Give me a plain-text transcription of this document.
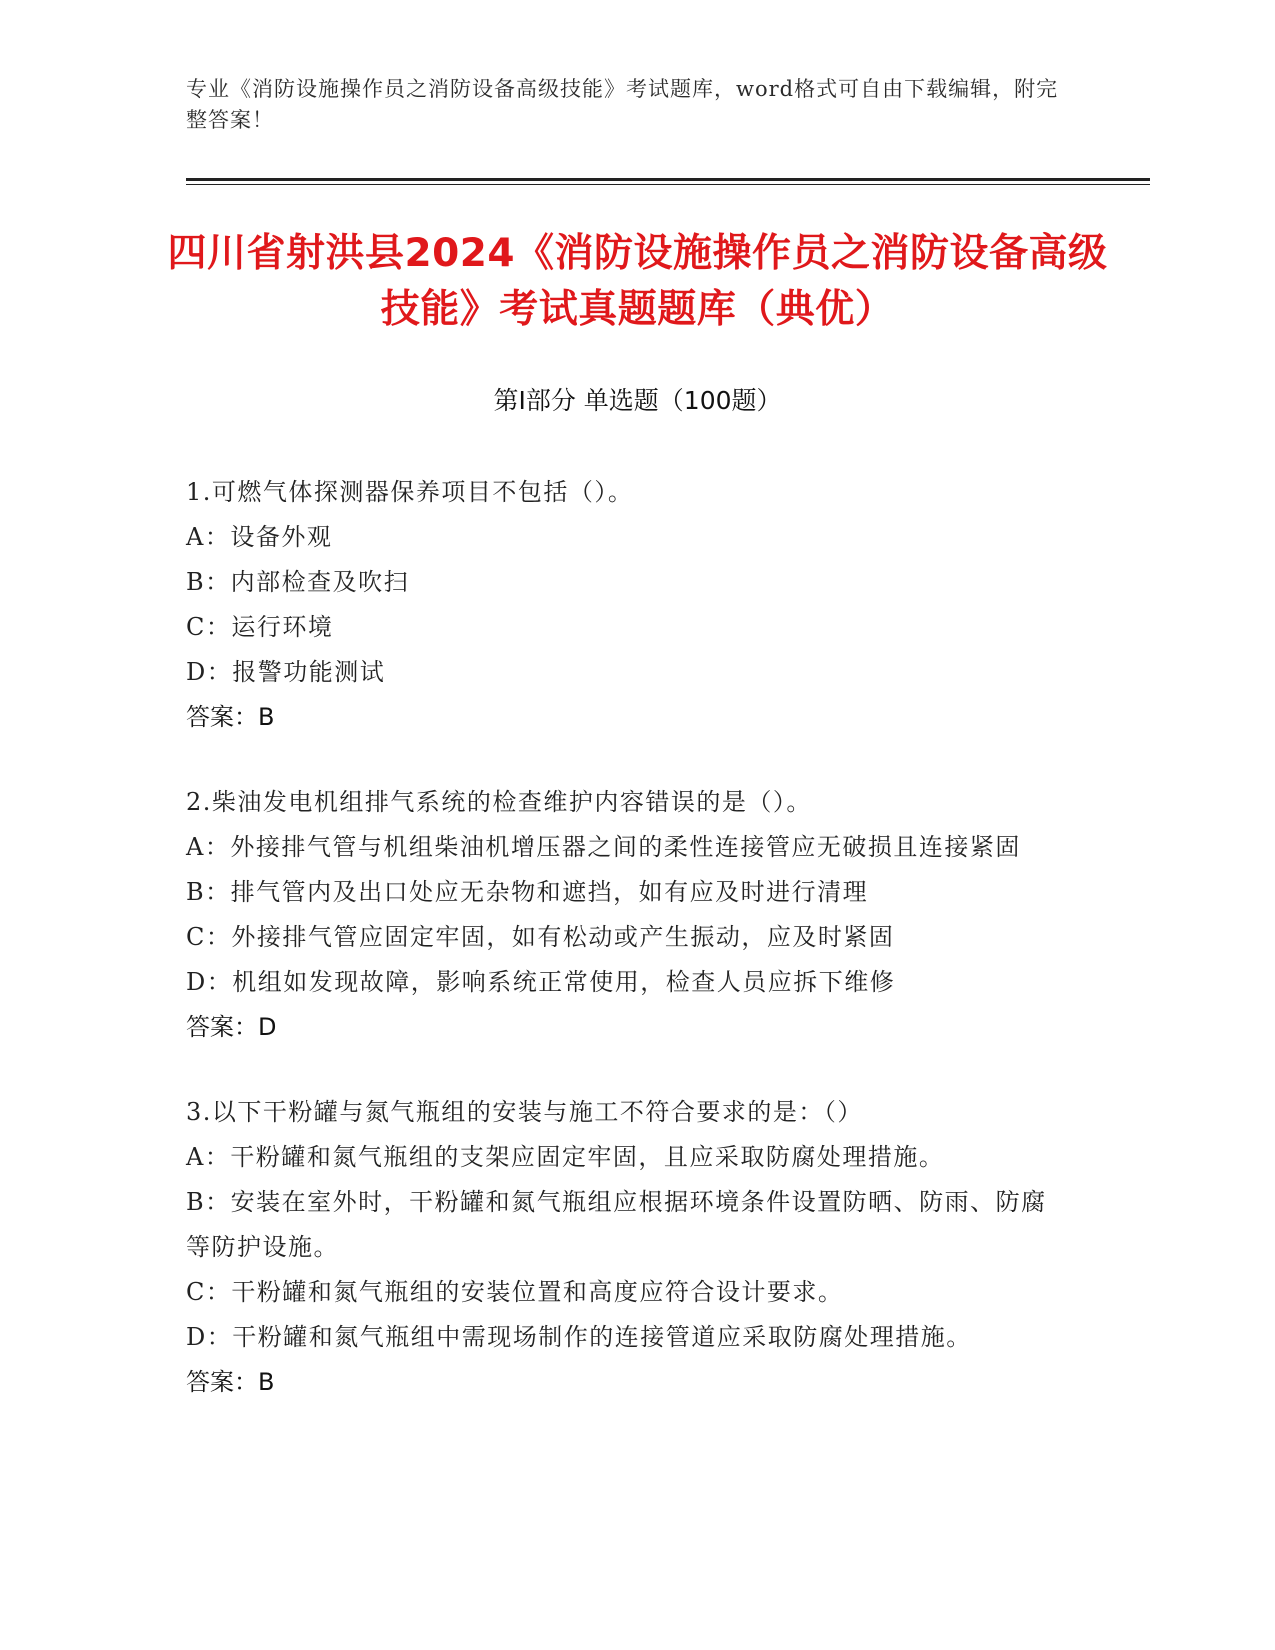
专业《消防设施操作员之消防设备高级技能》考试题库，word格式可自由下载编辑，附完整答案！
四川省射洪县2024《消防设施操作员之消防设备高级技能》考试真题题库（典优）
第Ⅰ部分 单选题（100题）

1.可燃气体探测器保养项目不包括（）。

A：设备外观

B：内部检查及吹扫

C：运行环境

D：报警功能测试

答案：B

2.柴油发电机组排气系统的检查维护内容错误的是（）。

A：外接排气管与机组柴油机增压器之间的柔性连接管应无破损且连接紧固

B：排气管内及出口处应无杂物和遮挡，如有应及时进行清理

C：外接排气管应固定牢固，如有松动或产生振动，应及时紧固

D：机组如发现故障，影响系统正常使用，检查人员应拆下维修

答案：D

3.以下干粉罐与氮气瓶组的安装与施工不符合要求的是：（）

A：干粉罐和氮气瓶组的支架应固定牢固，且应采取防腐处理措施。

B：安装在室外时，干粉罐和氮气瓶组应根据环境条件设置防晒、防雨、防腐等防护设施。

C：干粉罐和氮气瓶组的安装位置和高度应符合设计要求。

D：干粉罐和氮气瓶组中需现场制作的连接管道应采取防腐处理措施。

答案：B
